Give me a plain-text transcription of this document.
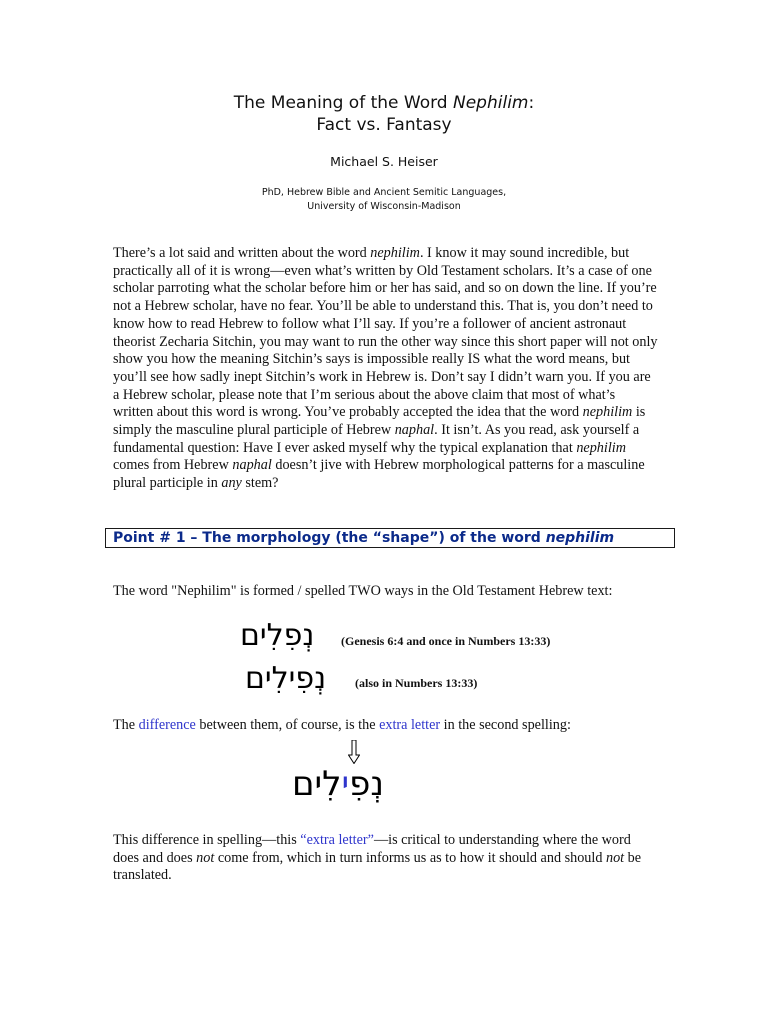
The Meaning of the Word Nephilim:
Fact vs. Fantasy
Michael S. Heiser
PhD, Hebrew Bible and Ancient Semitic Languages,
University of Wisconsin-Madison
There’s a lot said and written about the word nephilim. I know it may sound incredible, but practically all of it is wrong—even what’s written by Old Testament scholars. It’s a case of one scholar parroting what the scholar before him or her has said, and so on down the line. If you’re not a Hebrew scholar, have no fear. You’ll be able to understand this. That is, you don’t need to know how to read Hebrew to follow what I’ll say. If you’re a follower of ancient astronaut theorist Zecharia Sitchin, you may want to run the other way since this short paper will not only show you how the meaning Sitchin’s says is impossible really IS what the word means, but you’ll see how sadly inept Sitchin’s work in Hebrew is. Don’t say I didn’t warn you. If you are a Hebrew scholar, please note that I’m serious about the above claim that most of what’s written about this word is wrong. You’ve probably accepted the idea that the word nephilim is simply the masculine plural participle of Hebrew naphal. It isn’t. As you read, ask yourself a fundamental question: Have I ever asked myself why the typical explanation that nephilim comes from Hebrew naphal doesn’t jive with Hebrew morphological patterns for a masculine plural participle in any stem?
Point # 1 – The morphology (the “shape”) of the word nephilim
The word "Nephilim" is formed / spelled TWO ways in the Old Testament Hebrew text:
נְפִלִים (Genesis 6:4 and once in Numbers 13:33)
נְפִילִים (also in Numbers 13:33)
The difference between them, of course, is the extra letter in the second spelling:
נְפִילִים
This difference in spelling—this “extra letter”—is critical to understanding where the word does and does not come from, which in turn informs us as to how it should and should not be translated.
